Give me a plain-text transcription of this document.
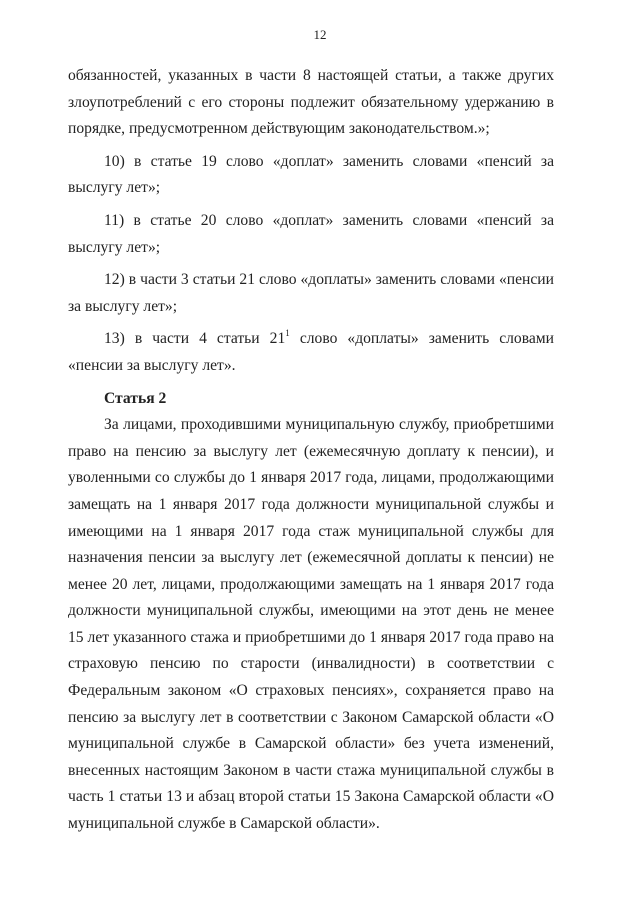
12

обязанностей, указанных в части 8 настоящей статьи, а также других злоупотреблений с его стороны подлежит обязательному удержанию в порядке, предусмотренном действующим законодательством.»;

10) в статье 19 слово «доплат» заменить словами «пенсий за выслугу лет»;

11) в статье 20 слово «доплат» заменить словами «пенсий за выслугу лет»;

12) в части 3 статьи 21 слово «доплаты» заменить словами «пенсии за выслугу лет»;

13) в части 4 статьи $21^1$ слово «доплаты» заменить словами «пенсии за выслугу лет».

Статья 2

За лицами, проходившими муниципальную службу, приобретшими право на пенсию за выслугу лет (ежемесячную доплату к пенсии), и уволенными со службы до 1 января 2017 года, лицами, продолжающими замещать на 1 января 2017 года должности муниципальной службы и имеющими на 1 января 2017 года стаж муниципальной службы для назначения пенсии за выслугу лет (ежемесячной доплаты к пенсии) не менее 20 лет, лицами, продолжающими замещать на 1 января 2017 года должности муниципальной службы, имеющими на этот день не менее 15 лет указанного стажа и приобретшими до 1 января 2017 года право на страховую пенсию по старости (инвалидности) в соответствии с Федеральным законом «О страховых пенсиях», сохраняется право на пенсию за выслугу лет в соответствии с Законом Самарской области «О муниципальной службе в Самарской области» без учета изменений, внесенных настоящим Законом в части стажа муниципальной службы в часть 1 статьи 13 и абзац второй статьи 15 Закона Самарской области «О муниципальной службе в Самарской области».
